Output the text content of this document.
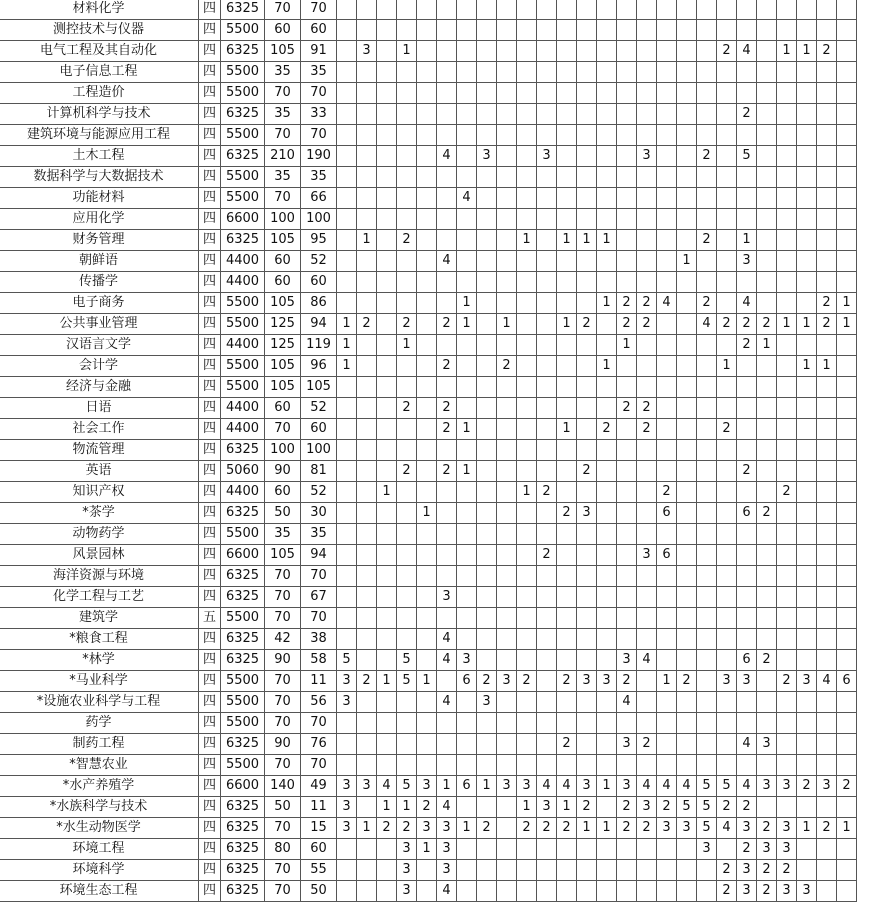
材料化学	四	6325	70	70																										
测控技术与仪器	四	5500	60	60																										
电气工程及其自动化	四	6325	105	91		3		1																2	4		1	1	2	
电子信息工程	四	5500	35	35																										
工程造价	四	5500	70	70																										
计算机科学与技术	四	6325	35	33																					2					
建筑环境与能源应用工程	四	5500	70	70																										
土木工程	四	6325	210	190						4		3			3					3			2		5					
数据科学与大数据技术	四	5500	35	35																										
功能材料	四	5500	70	66							4																			
应用化学	四	6600	100	100																										
财务管理	四	6325	105	95		1		2						1		1	1	1					2		1					
朝鲜语	四	4400	60	52						4												1			3					
传播学	四	4400	60	60																										
电子商务	四	5500	105	86							1							1	2	2	4		2		4				2	1
公共事业管理	四	5500	125	94	1	2		2		2	1		1			1	2		2	2			4	2	2	2	1	1	2	1
汉语言文学	四	4400	125	119	1			1											1						2	1				
会计学	四	5500	105	96	1					2			2					1						1				1	1	
经济与金融	四	5500	105	105																										
日语	四	4400	60	52				2		2									2	2										
社会工作	四	4400	70	60						2	1					1		2		2				2						
物流管理	四	6325	100	100																										
英语	四	5060	90	81				2		2	1						2								2					
知识产权	四	4400	60	52			1							1	2						2						2			
*茶学	四	6325	50	30					1							2	3				6				6	2				
动物药学	四	5500	35	35																										
风景园林	四	6600	105	94											2					3	6									
海洋资源与环境	四	6325	70	70																										
化学工程与工艺	四	6325	70	67						3																				
建筑学	五	5500	70	70																										
*粮食工程	四	6325	42	38						4																				
*林学	四	6325	90	58	5			5		4	3								3	4					6	2				
*马业科学	四	5500	70	11	3	2	1	5	1		6	2	3	2		2	3	3	2		1	2		3	3		2	3	4	6
*设施农业科学与工程	四	5500	70	56	3					4		3							4											
药学	四	5500	70	70																										
制药工程	四	6325	90	76												2			3	2					4	3				
*智慧农业	四	5500	70	70																										
*水产养殖学	四	6600	140	49	3	3	4	5	3	1	6	1	3	3	4	4	3	1	3	4	4	4	5	5	4	3	3	2	3	2
*水族科学与技术	四	6325	50	11	3		1	1	2	4				1	3	1	2		2	3	2	5	5	2	2					
*水生动物医学	四	6325	70	15	3	1	2	2	3	3	1	2		2	2	2	1	1	2	2	3	3	5	4	3	2	3	1	2	1
环境工程	四	6325	80	60				3	1	3													3		2	3	3			
环境科学	四	6325	70	55				3		3														2	3	2	2			
环境生态工程	四	6325	70	50				3		4														2	3	2	3	3		
